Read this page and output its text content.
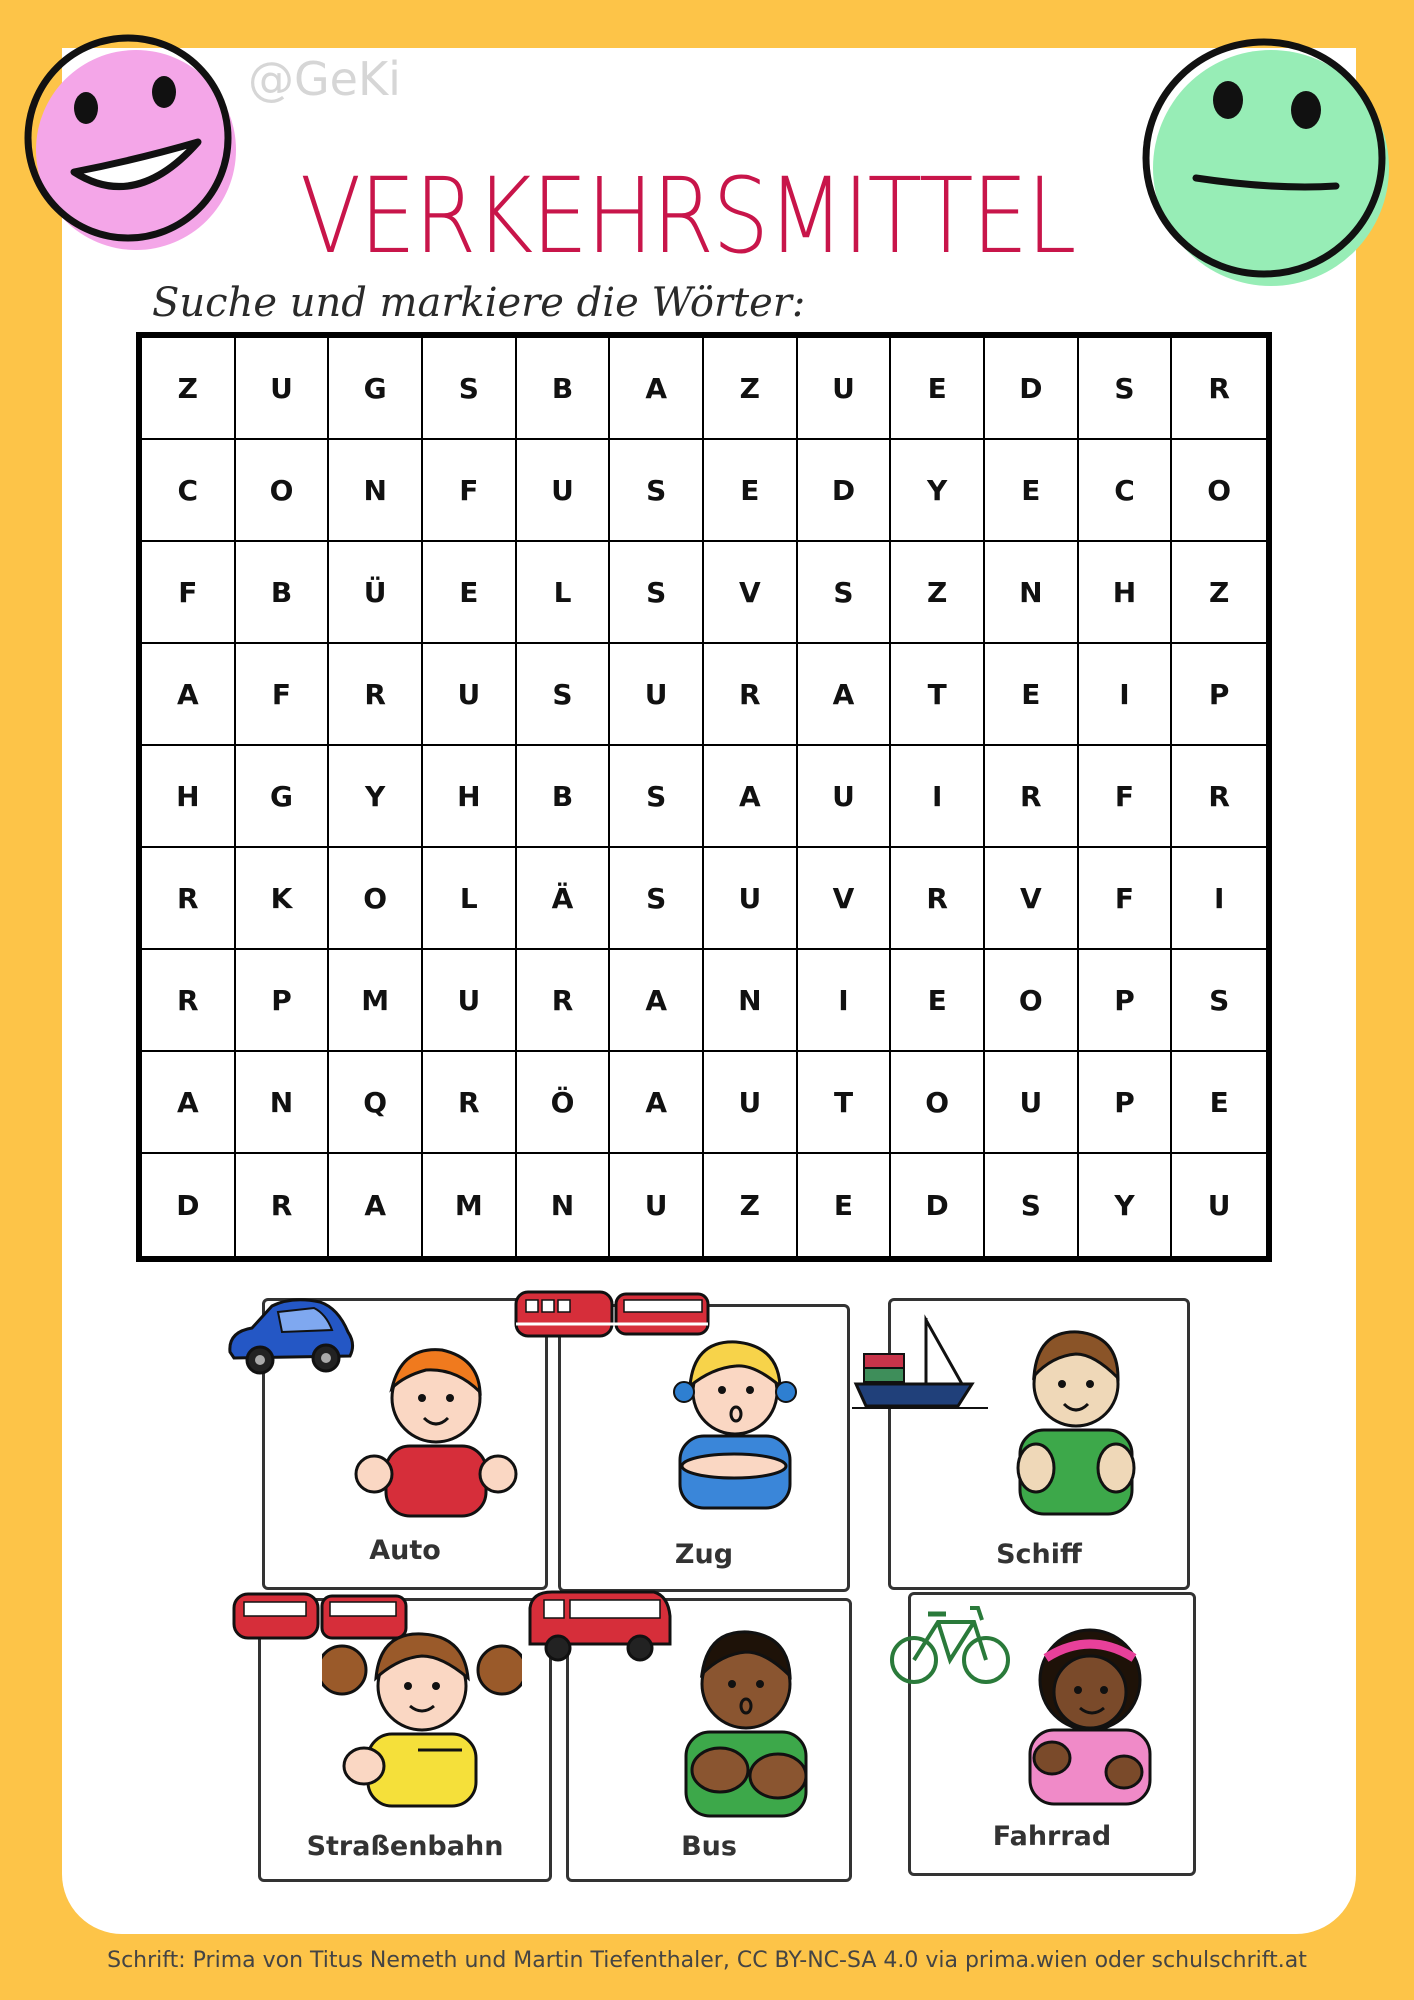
@GeKi
VERKEHRSMITTEL
Suche und markiere die Wörter:
Z	U	G	S	B	A	Z	U	E	D	S	R
C	O	N	F	U	S	E	D	Y	E	C	O
F	B	Ü	E	L	S	V	S	Z	N	H	Z
A	F	R	U	S	U	R	A	T	E	I	P
H	G	Y	H	B	S	A	U	I	R	F	R
R	K	O	L	Ä	S	U	V	R	V	F	I
R	P	M	U	R	A	N	I	E	O	P	S
A	N	Q	R	Ö	A	U	T	O	U	P	E
D	R	A	M	N	U	Z	E	D	S	Y	U
Auto	Zug	Schiff
Straßenbahn	Bus	Fahrrad
Schrift: Prima von Titus Nemeth und Martin Tiefenthaler, CC BY-NC-SA 4.0 via prima.wien oder schulschrift.at
